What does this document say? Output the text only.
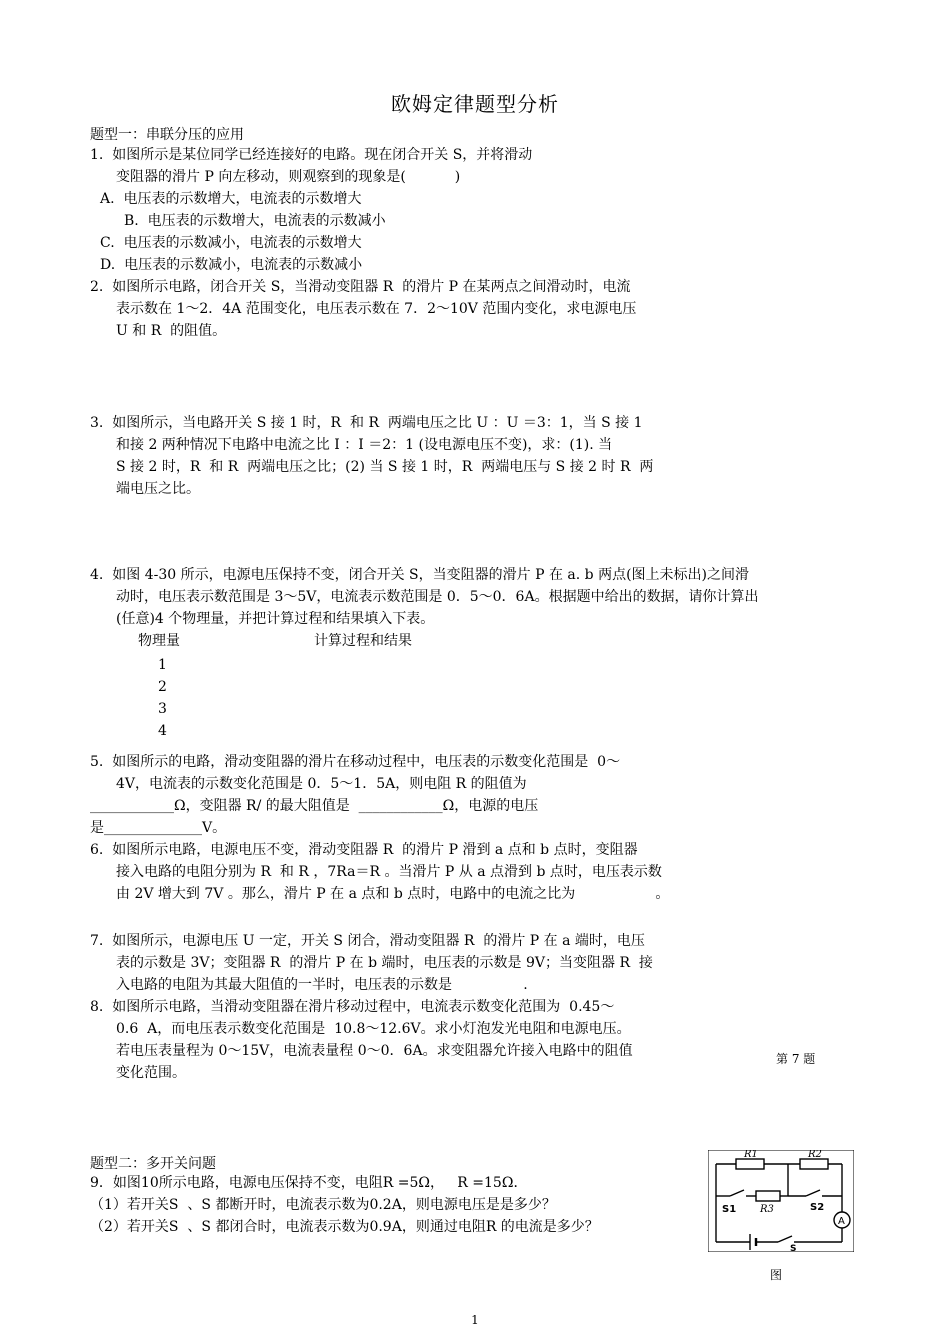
欧姆定律题型分析
题型一：串联分压的应用
1.  如图所示是某位同学已经连接好的电路。现在闭合开关 S，并将滑动
变阻器的滑片 P 向左移动，则观察到的现象是(           )
A.  电压表的示数增大，电流表的示数增大
B.  电压表的示数增大，电流表的示数减小
C.  电压表的示数减小，电流表的示数增大
D.  电压表的示数减小，电流表的示数减小
2.  如图所示电路，闭合开关 S，当滑动变阻器 R  的滑片 P 在某两点之间滑动时，电流
表示数在 1～2．4A 范围变化，电压表示数在 7．2～10V 范围内变化，求电源电压
U 和 R  的阻值。
3.  如图所示，当电路开关 S 接 1 时，R  和 R  两端电压之比 U ：U ＝3：1，当 S 接 1
和接 2 两种情况下电路中电流之比 I ：I ＝2：1 (设电源电压不变)，求：(1). 当
S 接 2 时，R  和 R  两端电压之比；(2) 当 S 接 1 时，R  两端电压与 S 接 2 时 R  两
端电压之比。
4.  如图 4-30 所示，电源电压保持不变，闭合开关 S，当变阻器的滑片 P 在 a. b 两点(图上未标出)之间滑
动时，电压表示数范围是 3～5V，电流表示数范围是 0．5～0．6A。根据题中给出的数据，请你计算出
(任意)4 个物理量，并把计算过程和结果填入下表。
物理量	计算过程和结果
1
2
3
4
5.  如图所示的电路，滑动变阻器的滑片在移动过程中，电压表的示数变化范围是  0～
4V，电流表的示数变化范围是 0．5～1．5A，则电阻 R 的阻值为
____________Ω，变阻器 R/ 的最大阻值是  ____________Ω，电源的电压
是______________V。
6.  如图所示电路，电源电压不变，滑动变阻器 R  的滑片 P 滑到 a 点和 b 点时，变阻器
接入电路的电阻分别为 R  和 R ，7Ra＝R 。当滑片 P 从 a 点滑到 b 点时，电压表示数
由 2V 增大到 7V 。那么，滑片 P 在 a 点和 b 点时，电路中的电流之比为                  。
7.  如图所示，电源电压 U 一定，开关 S 闭合，滑动变阻器 R  的滑片 P 在 a 端时，电压
表的示数是 3V；变阻器 R  的滑片 P 在 b 端时，电压表的示数是 9V；当变阻器 R  接
入电路的电阻为其最大阻值的一半时，电压表的示数是                .
8.  如图所示电路，当滑动变阻器在滑片移动过程中，电流表示数变化范围为  0.45～
0.6  A，而电压表示数变化范围是  10.8～12.6V。求小灯泡发光电阻和电源电压。
若电压表量程为 0～15V，电流表量程 0～0．6A。求变阻器允许接入电路中的阻值	第 7 题
变化范围。
题型二：多开关问题
9．如图10所示电路，电源电压保持不变，电阻R =5Ω，   R =15Ω．
（1）若开关S  、S 都断开时，电流表示数为0.2A，则电源电压是是多少？
（2）若开关S  、S 都闭合时，电流表示数为0.9A，则通过电阻R 的电流是多少？
R1	R2
S1 R3	S2
A
S
图
1
